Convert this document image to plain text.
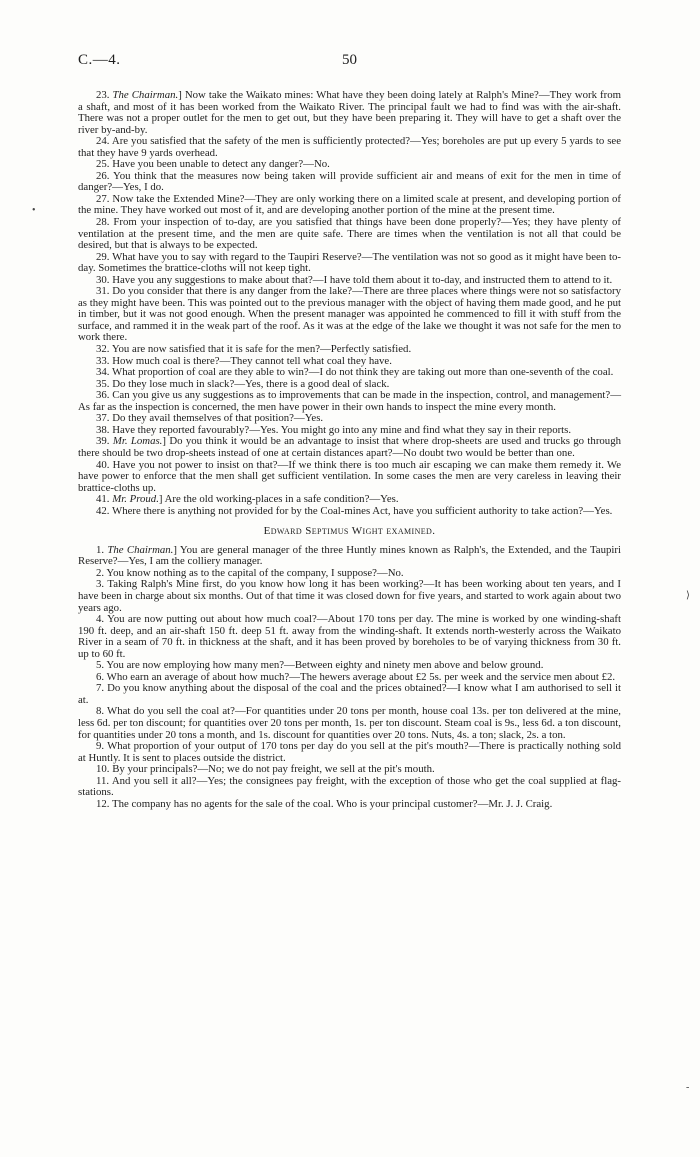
C.—4.	50

23. The Chairman.] Now take the Waikato mines: What have they been doing lately at Ralph's Mine?—They work from a shaft, and most of it has been worked from the Waikato River. The principal fault we had to find was with the air-shaft. There was not a proper outlet for the men to get out, but they have been preparing it. They will have to get a shaft over the river by-and-by.

24. Are you satisfied that the safety of the men is sufficiently protected?—Yes; boreholes are put up every 5 yards to see that they have 9 yards overhead.

25. Have you been unable to detect any danger?—No.

26. You think that the measures now being taken will provide sufficient air and means of exit for the men in time of danger?—Yes, I do.

27. Now take the Extended Mine?—They are only working there on a limited scale at present, and developing portion of the mine. They have worked out most of it, and are developing another portion of the mine at the present time.

28. From your inspection of to-day, are you satisfied that things have been done properly?—Yes; they have plenty of ventilation at the present time, and the men are quite safe. There are times when the ventilation is not all that could be desired, but that is always to be expected.

29. What have you to say with regard to the Taupiri Reserve?—The ventilation was not so good as it might have been to-day. Sometimes the brattice-cloths will not keep tight.

30. Have you any suggestions to make about that?—I have told them about it to-day, and instructed them to attend to it.

31. Do you consider that there is any danger from the lake?—There are three places where things were not so satisfactory as they might have been. This was pointed out to the previous manager with the object of having them made good, and he put in timber, but it was not good enough. When the present manager was appointed he commenced to fill it with stuff from the surface, and rammed it in the weak part of the roof. As it was at the edge of the lake we thought it was not safe for the men to work there.

32. You are now satisfied that it is safe for the men?—Perfectly satisfied.

33. How much coal is there?—They cannot tell what coal they have.

34. What proportion of coal are they able to win?—I do not think they are taking out more than one-seventh of the coal.

35. Do they lose much in slack?—Yes, there is a good deal of slack.

36. Can you give us any suggestions as to improvements that can be made in the inspection, control, and management?—As far as the inspection is concerned, the men have power in their own hands to inspect the mine every month.

37. Do they avail themselves of that position?—Yes.

38. Have they reported favourably?—Yes. You might go into any mine and find what they say in their reports.

39. Mr. Lomas.] Do you think it would be an advantage to insist that where drop-sheets are used and trucks go through there should be two drop-sheets instead of one at certain distances apart?—No doubt two would be better than one.

40. Have you not power to insist on that?—If we think there is too much air escaping we can make them remedy it. We have power to enforce that the men shall get sufficient ventilation. In some cases the men are very careless in leaving their brattice-cloths up.

41. Mr. Proud.] Are the old working-places in a safe condition?—Yes.

42. Where there is anything not provided for by the Coal-mines Act, have you sufficient authority to take action?—Yes.

Edward Septimus Wight examined.

1. The Chairman.] You are general manager of the three Huntly mines known as Ralph's, the Extended, and the Taupiri Reserve?—Yes, I am the colliery manager.

2. You know nothing as to the capital of the company, I suppose?—No.

3. Taking Ralph's Mine first, do you know how long it has been working?—It has been working about ten years, and I have been in charge about six months. Out of that time it was closed down for five years, and started to work again about two years ago.

4. You are now putting out about how much coal?—About 170 tons per day. The mine is worked by one winding-shaft 190 ft. deep, and an air-shaft 150 ft. deep 51 ft. away from the winding-shaft. It extends north-westerly across the Waikato River in a seam of 70 ft. in thickness at the shaft, and it has been proved by boreholes to be of varying thickness from 30 ft. up to 60 ft.

5. You are now employing how many men?—Between eighty and ninety men above and below ground.

6. Who earn an average of about how much?—The hewers average about £2 5s. per week and the service men about £2.

7. Do you know anything about the disposal of the coal and the prices obtained?—I know what I am authorised to sell it at.

8. What do you sell the coal at?—For quantities under 20 tons per month, house coal 13s. per ton delivered at the mine, less 6d. per ton discount; for quantities over 20 tons per month, 1s. per ton discount. Steam coal is 9s., less 6d. a ton discount, for quantities under 20 tons a month, and 1s. discount for quantities over 20 tons. Nuts, 4s. a ton; slack, 2s. a ton.

9. What proportion of your output of 170 tons per day do you sell at the pit's mouth?—There is practically nothing sold at Huntly. It is sent to places outside the district.

10. By your principals?—No; we do not pay freight, we sell at the pit's mouth.

11. And you sell it all?—Yes; the consignees pay freight, with the exception of those who get the coal supplied at flag-stations.

12. The company has no agents for the sale of the coal. Who is your principal customer?—Mr. J. J. Craig.

•
⟩
‑
